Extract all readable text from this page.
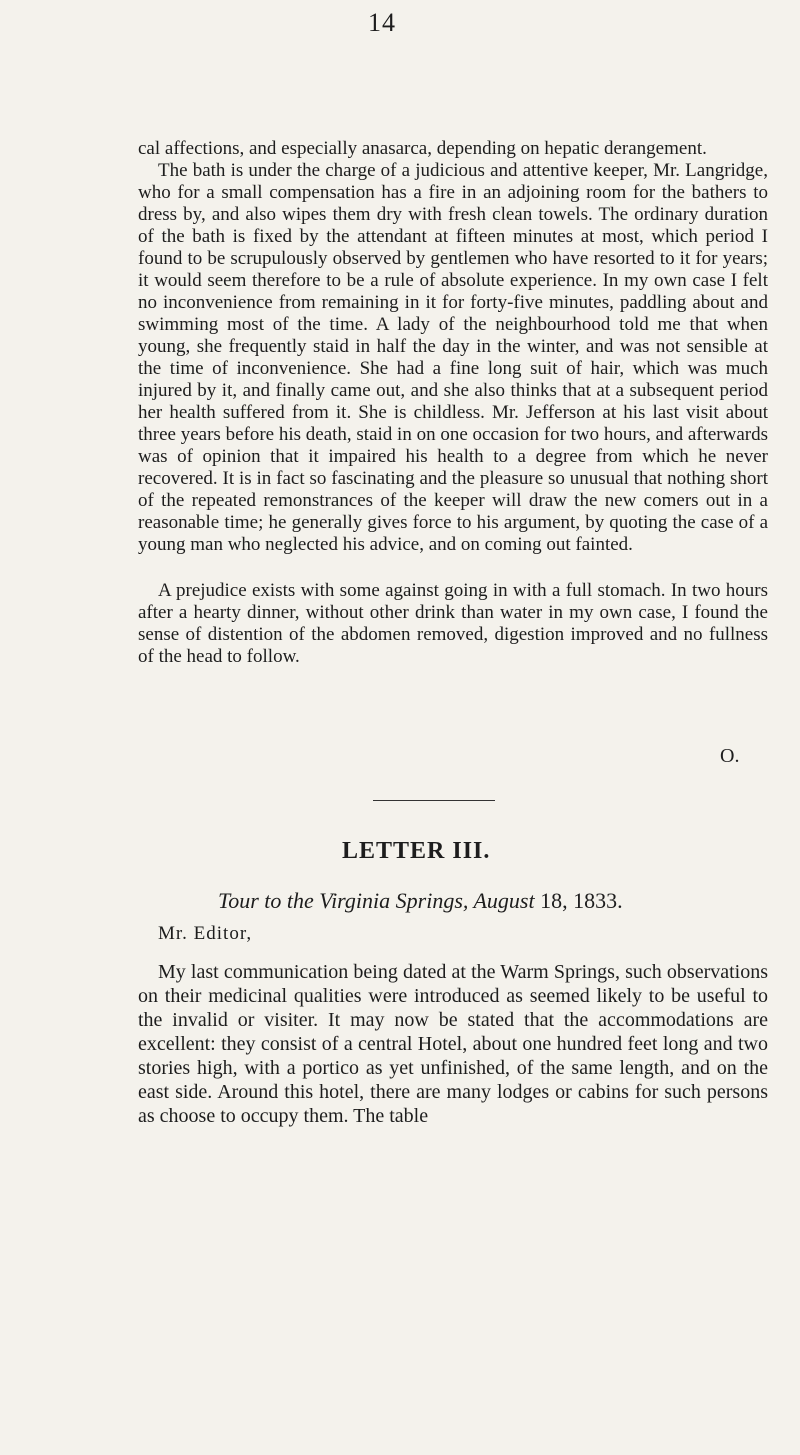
14

cal affections, and especially anasarca, depending on hepatic derangement.

The bath is under the charge of a judicious and attentive keeper, Mr. Langridge, who for a small compensation has a fire in an adjoining room for the bathers to dress by, and also wipes them dry with fresh clean towels. The ordinary duration of the bath is fixed by the attendant at fifteen minutes at most, which period I found to be scrupulously observed by gentlemen who have resorted to it for years; it would seem therefore to be a rule of absolute experience. In my own case I felt no inconvenience from remaining in it for forty-five minutes, paddling about and swimming most of the time. A lady of the neighbourhood told me that when young, she frequently staid in half the day in the winter, and was not sensible at the time of inconvenience. She had a fine long suit of hair, which was much injured by it, and finally came out, and she also thinks that at a subsequent period her health suffered from it. She is childless. Mr. Jefferson at his last visit about three years before his death, staid in on one occasion for two hours, and afterwards was of opinion that it impaired his health to a degree from which he never recovered. It is in fact so fascinating and the pleasure so unusual that nothing short of the repeated remonstrances of the keeper will draw the new comers out in a reasonable time; he generally gives force to his argument, by quoting the case of a young man who neglected his advice, and on coming out fainted.

A prejudice exists with some against going in with a full stomach. In two hours after a hearty dinner, without other drink than water in my own case, I found the sense of distention of the abdomen removed, digestion improved and no fullness of the head to follow.

O.
LETTER III.
Tour to the Virginia Springs, August 18, 1833.
Mr. Editor,

My last communication being dated at the Warm Springs, such observations on their medicinal qualities were introduced as seemed likely to be useful to the invalid or visiter. It may now be stated that the accommodations are excellent: they consist of a central Hotel, about one hundred feet long and two stories high, with a portico as yet unfinished, of the same length, and on the east side. Around this hotel, there are many lodges or cabins for such persons as choose to occupy them. The table
